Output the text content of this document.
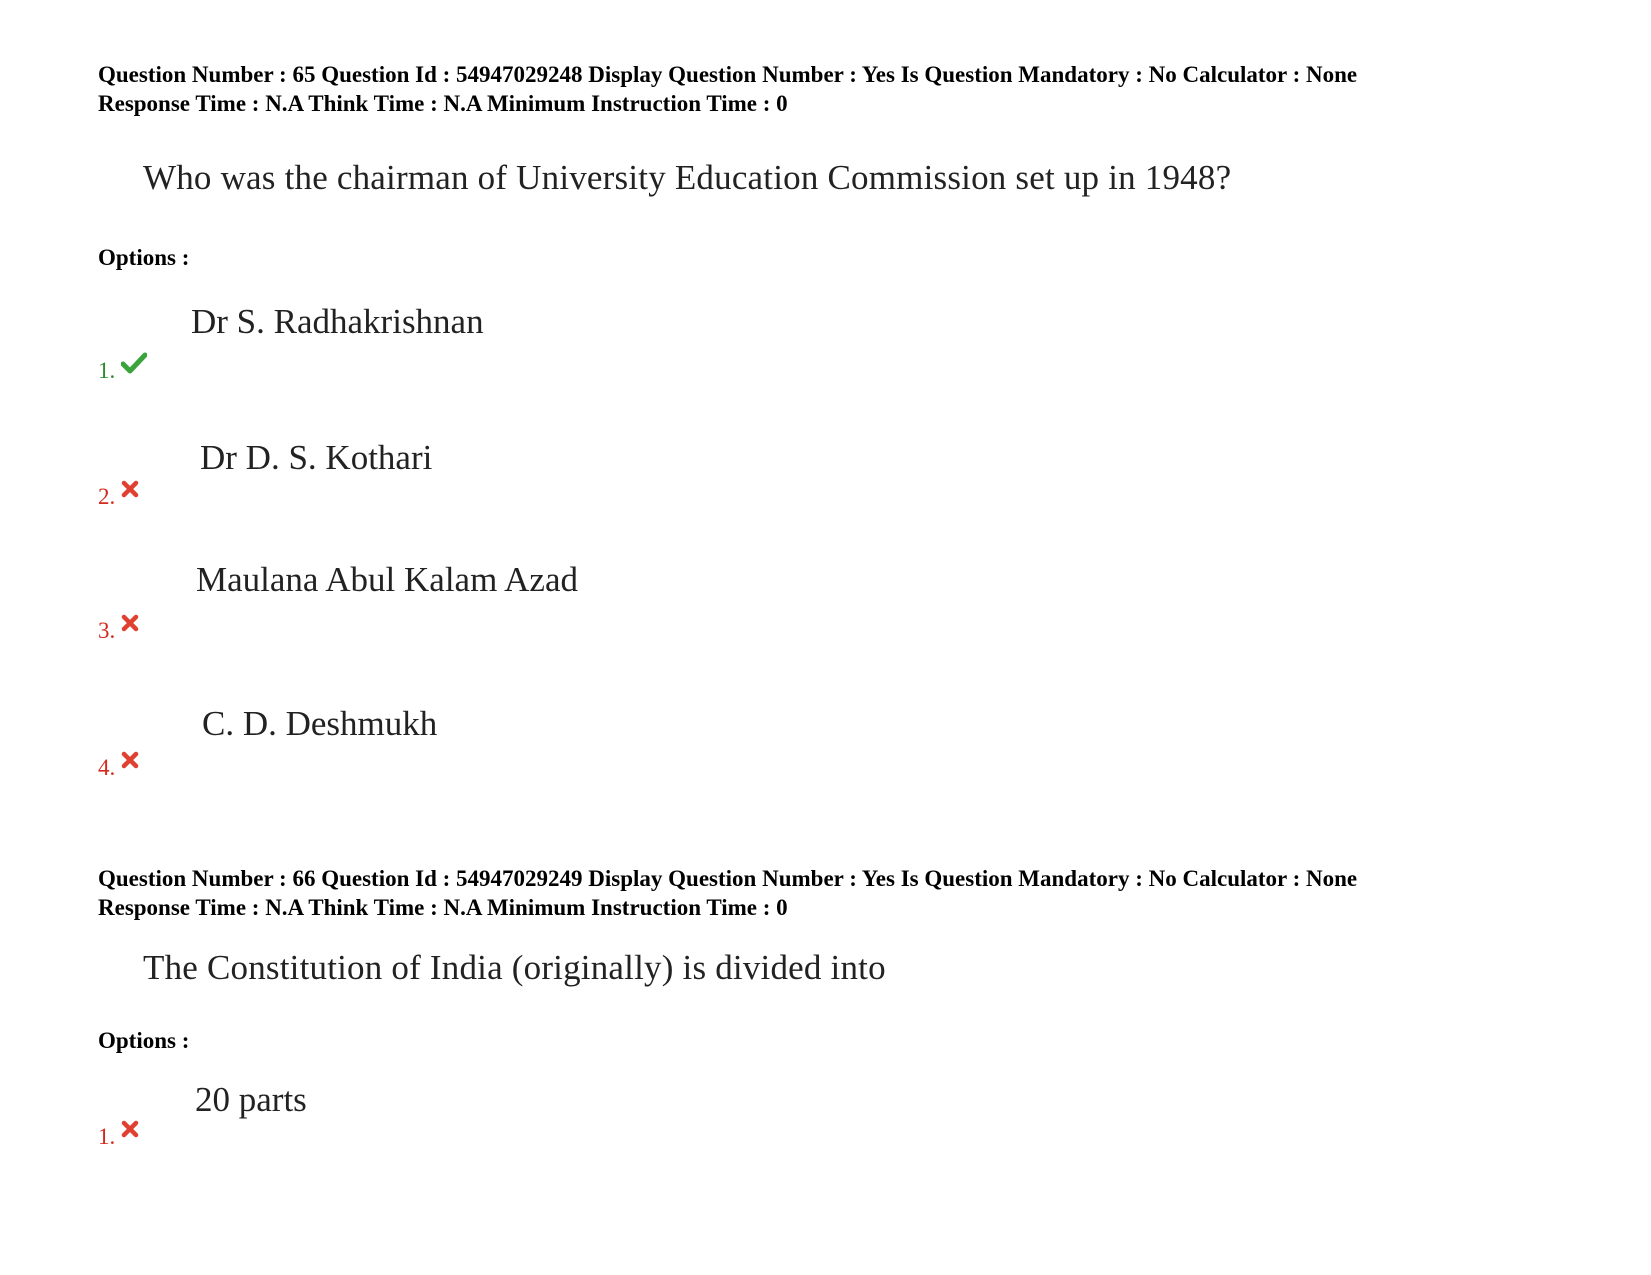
Question Number : 65 Question Id : 54947029248 Display Question Number : Yes Is Question Mandatory : No Calculator : None
Response Time : N.A Think Time : N.A Minimum Instruction Time : 0
Who was the chairman of University Education Commission set up in 1948?
Options :
Dr S. Radhakrishnan
1.
Dr D. S. Kothari
2.
Maulana Abul Kalam Azad
3.
C. D. Deshmukh
4.
Question Number : 66 Question Id : 54947029249 Display Question Number : Yes Is Question Mandatory : No Calculator : None
Response Time : N.A Think Time : N.A Minimum Instruction Time : 0
The Constitution of India (originally) is divided into
Options :
20 parts
1.
